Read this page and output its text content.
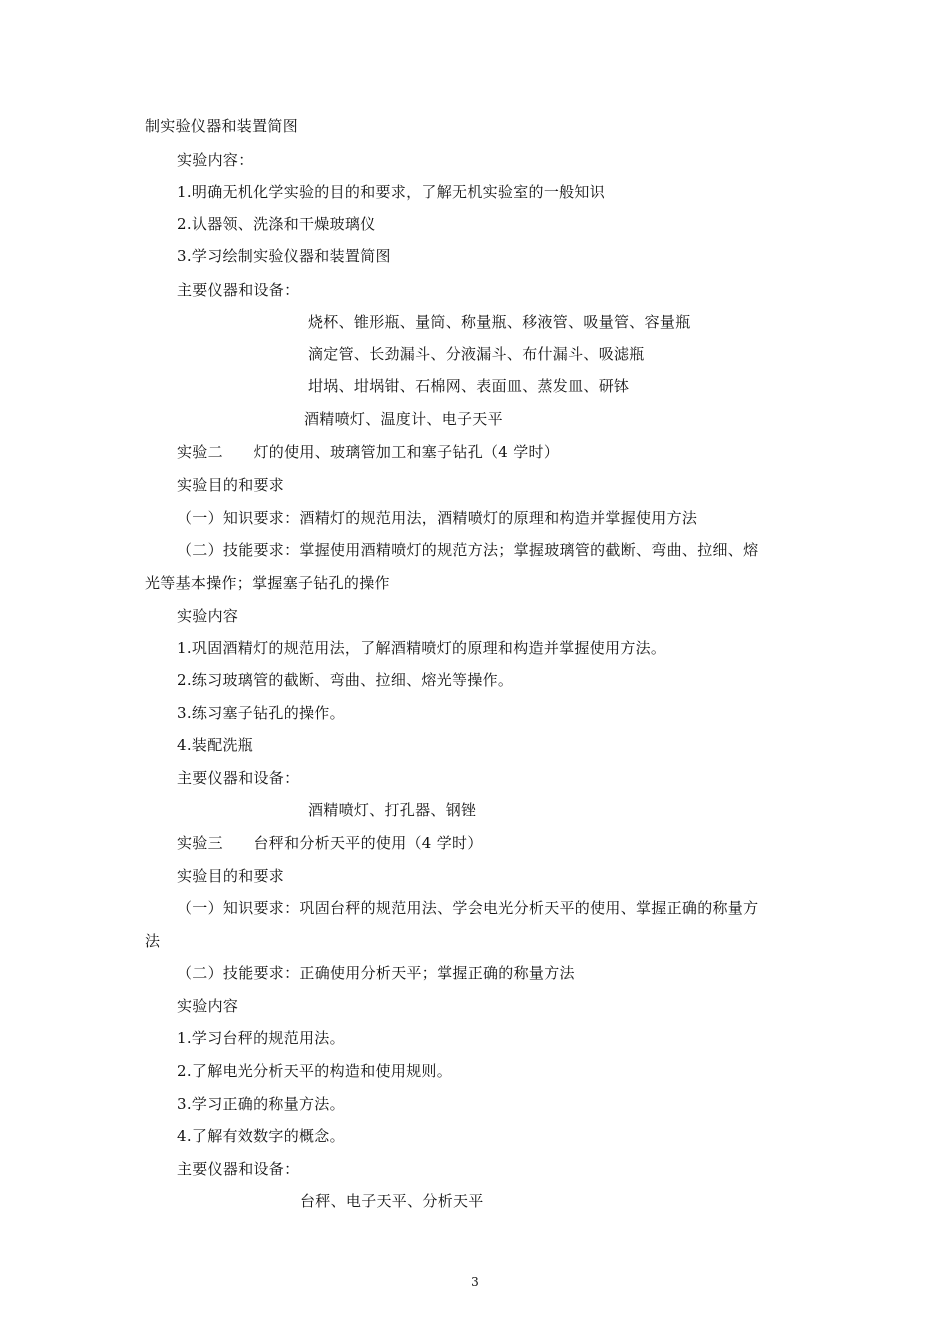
制实验仪器和装置简图
实验内容：
1.明确无机化学实验的目的和要求，了解无机实验室的一般知识
2.认器领、洗涤和干燥玻璃仪
3.学习绘制实验仪器和装置简图
主要仪器和设备：
烧杯、锥形瓶、量筒、称量瓶、移液管、吸量管、容量瓶
滴定管、长劲漏斗、分液漏斗、布什漏斗、吸滤瓶
坩埚、坩埚钳、石棉网、表面皿、蒸发皿、研钵
酒精喷灯、温度计、电子天平
实验二　　灯的使用、玻璃管加工和塞子钻孔（4 学时）
实验目的和要求
（一）知识要求：酒精灯的规范用法，酒精喷灯的原理和构造并掌握使用方法
（二）技能要求：掌握使用酒精喷灯的规范方法；掌握玻璃管的截断、弯曲、拉细、熔
光等基本操作；掌握塞子钻孔的操作
实验内容
1.巩固酒精灯的规范用法，了解酒精喷灯的原理和构造并掌握使用方法。
2.练习玻璃管的截断、弯曲、拉细、熔光等操作。
3.练习塞子钻孔的操作。
4.装配洗瓶
主要仪器和设备：
酒精喷灯、打孔器、钢锉
实验三　　台秤和分析天平的使用（4 学时）
实验目的和要求
（一）知识要求：巩固台秤的规范用法、学会电光分析天平的使用、掌握正确的称量方
法
（二）技能要求：正确使用分析天平；掌握正确的称量方法
实验内容
1.学习台秤的规范用法。
2.了解电光分析天平的构造和使用规则。
3.学习正确的称量方法。
4.了解有效数字的概念。
主要仪器和设备：
台秤、电子天平、分析天平
3
